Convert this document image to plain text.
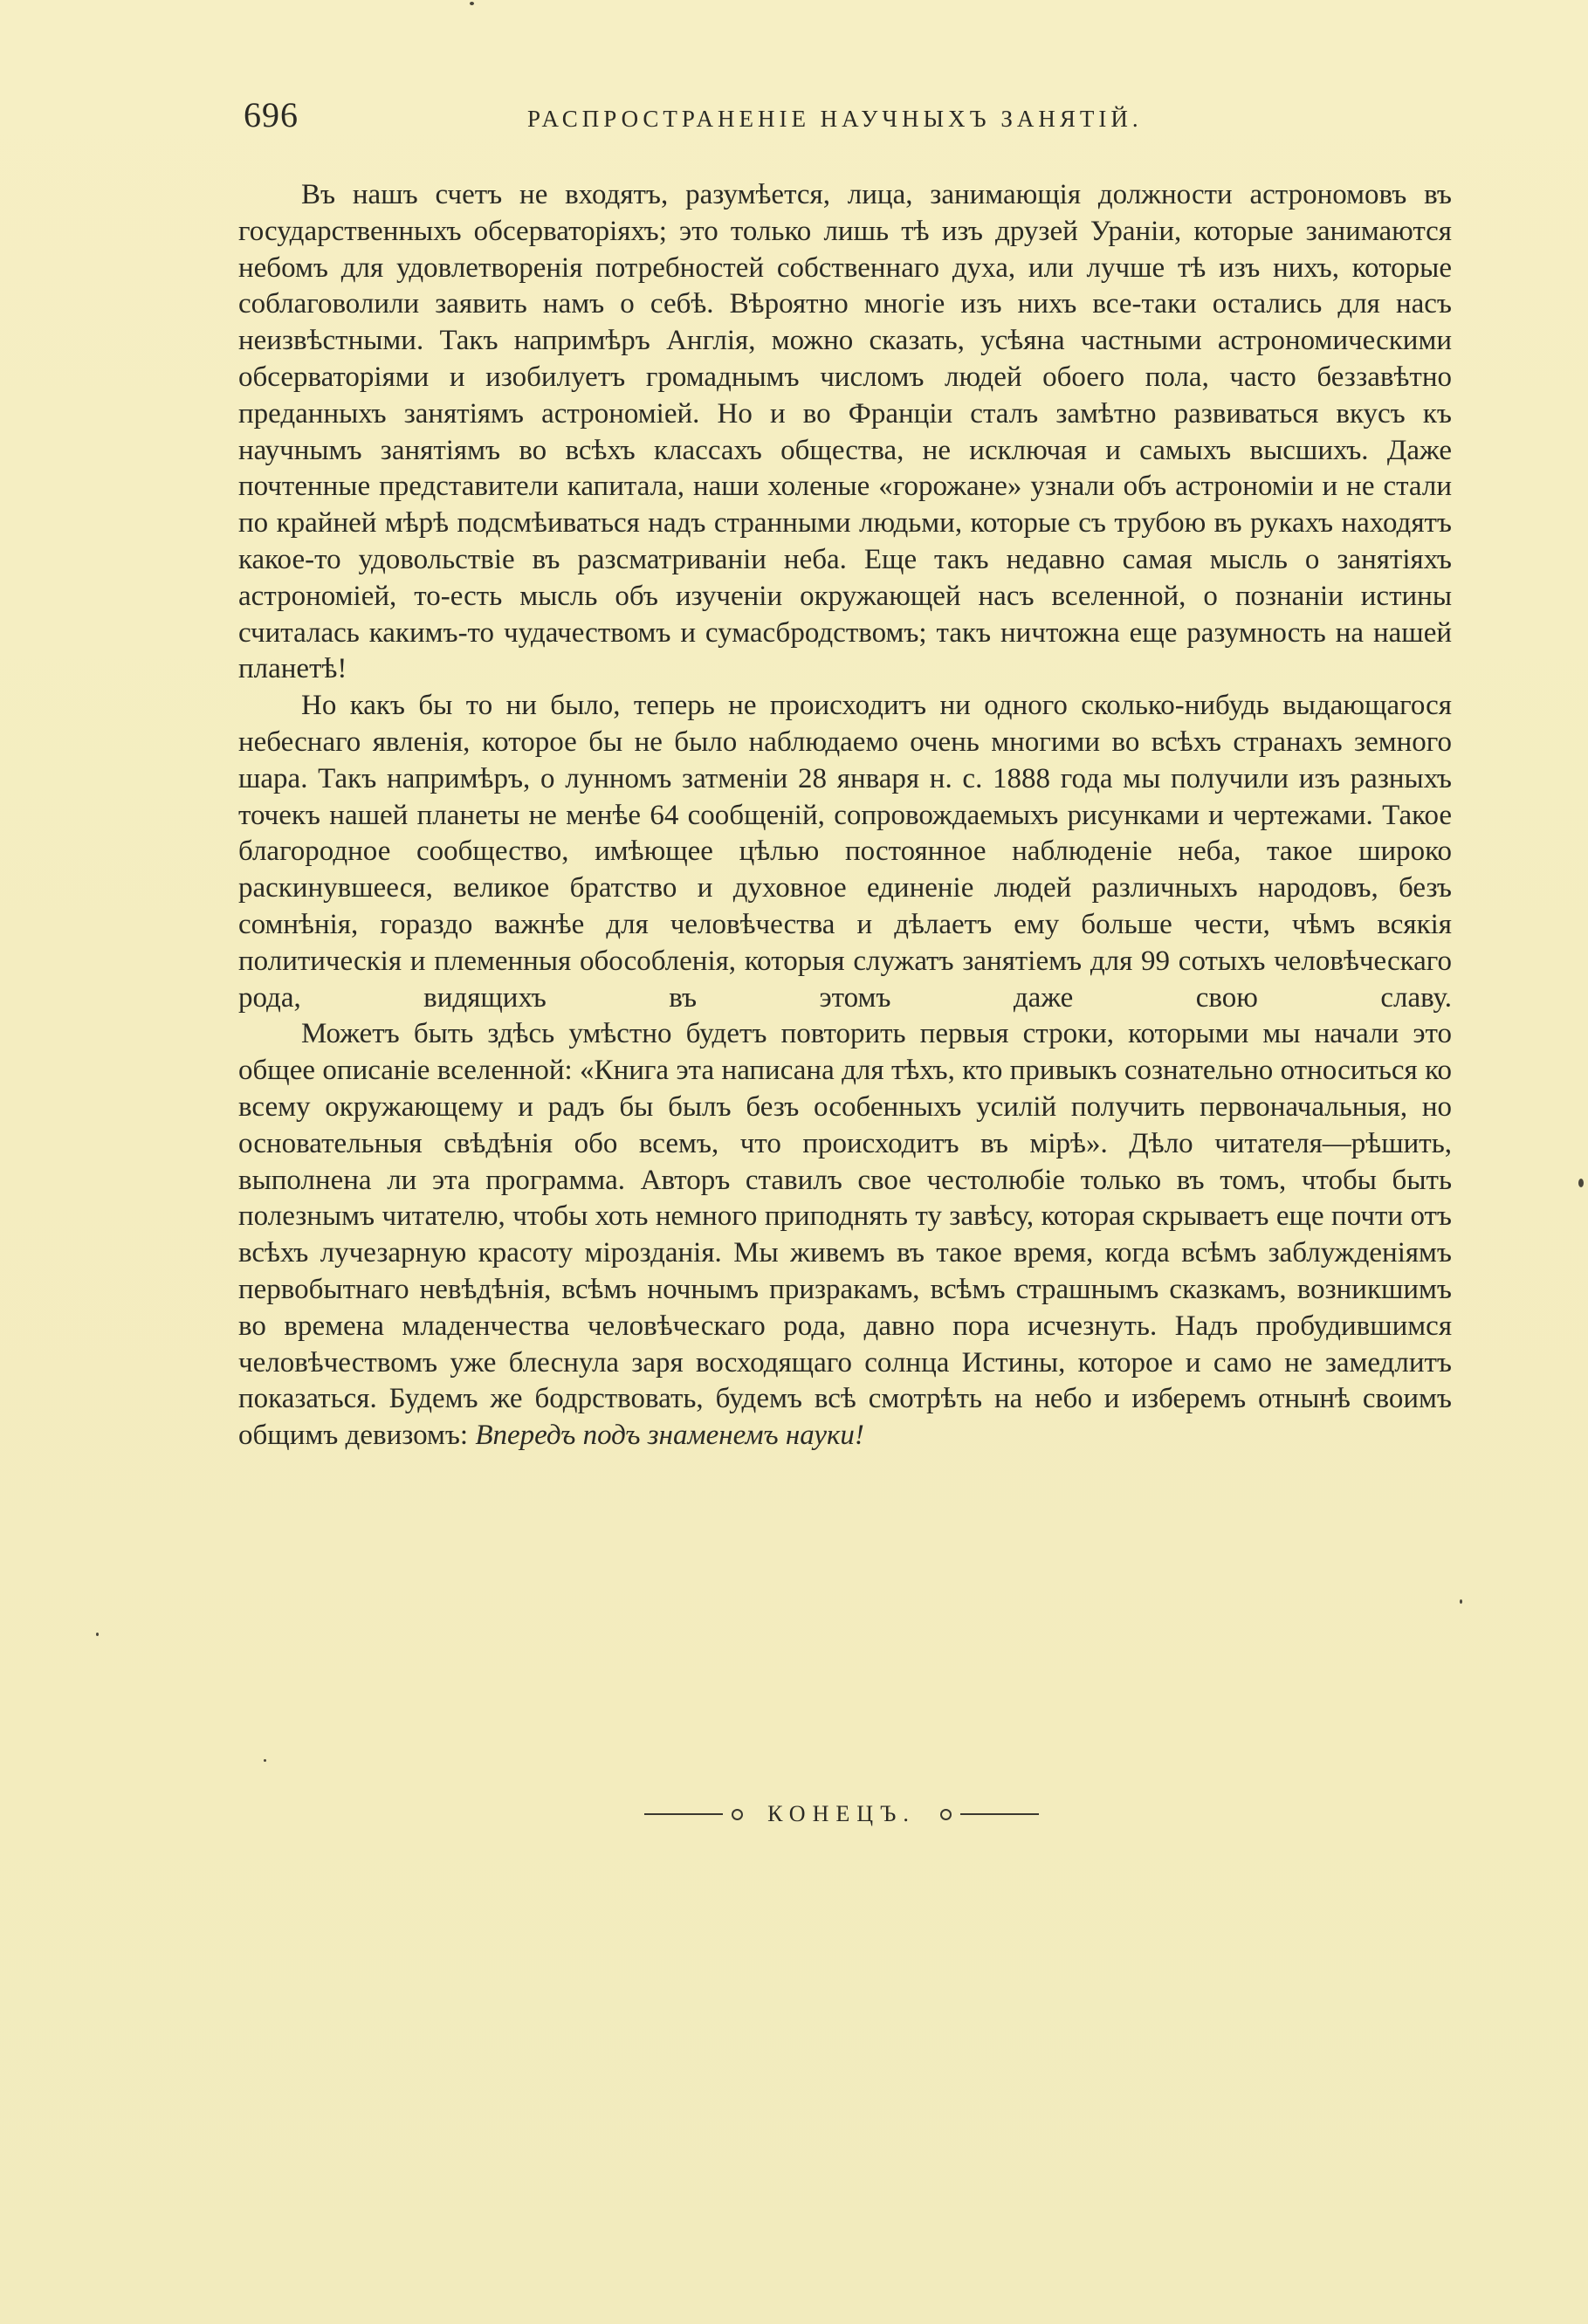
696	РАСПРОСТРАНЕНІЕ НАУЧНЫХЪ ЗАНЯТІЙ.

Въ нашъ счетъ не входятъ, разумѣется, лица, занимающія должности астрономовъ въ государственныхъ обсерваторіяхъ; это только лишь тѣ изъ друзей Ураніи, которые занимаются небомъ для удовлетворенія потребностей собственнаго духа, или лучше тѣ изъ нихъ, которые соблаговолили заявить намъ о себѣ. Вѣроятно многіе изъ нихъ все-таки остались для насъ неизвѣстными. Такъ напримѣръ Англія, можно сказать, усѣяна частными астрономическими обсерваторіями и изобилуетъ громаднымъ числомъ людей обоего пола, часто беззавѣтно преданныхъ занятіямъ астрономіей. Но и во Франціи сталъ замѣтно развиваться вкусъ къ научнымъ занятіямъ во всѣхъ классахъ общества, не исключая и самыхъ высшихъ. Даже почтенные представители капитала, наши холеные «горожане» узнали объ астрономіи и не стали по крайней мѣрѣ подсмѣиваться надъ странными людьми, которые съ трубою въ рукахъ находятъ какое-то удовольствіе въ разсматриваніи неба. Еще такъ недавно самая мысль о занятіяхъ астрономіей, то-есть мысль объ изученіи окружающей насъ вселенной, о познаніи истины считалась какимъ-то чудачествомъ и сумасбродствомъ; такъ ничтожна еще разумность на нашей планетѣ!

Но какъ бы то ни было, теперь не происходитъ ни одного сколько-нибудь выдающагося небеснаго явленія, которое бы не было наблюдаемо очень многими во всѣхъ странахъ земного шара. Такъ напримѣръ, о лунномъ затменіи 28 января н. с. 1888 года мы получили изъ разныхъ точекъ нашей планеты не менѣе 64 сообщеній, сопровождаемыхъ рисунками и чертежами. Такое благородное сообщество, имѣющее цѣлью постоянное наблюденіе неба, такое широко раскинувшееся, великое братство и духовное единеніе людей различныхъ народовъ, безъ сомнѣнія, гораздо важнѣе для человѣчества и дѣлаетъ ему больше чести, чѣмъ всякія политическія и племенныя обособленія, которыя служатъ занятіемъ для 99 сотыхъ человѣческаго рода, видящихъ въ этомъ даже свою славу.

Можетъ быть здѣсь умѣстно будетъ повторить первыя строки, которыми мы начали это общее описаніе вселенной: «Книга эта написана для тѣхъ, кто привыкъ сознательно относиться ко всему окружающему и радъ бы былъ безъ особенныхъ усилій получить первоначальныя, но основательныя свѣдѣнія обо всемъ, что происходитъ въ мірѣ». Дѣло читателя—рѣшить, выполнена ли эта программа. Авторъ ставилъ свое честолюбіе только въ томъ, чтобы быть полезнымъ читателю, чтобы хоть немного приподнять ту завѣсу, которая скрываетъ еще почти отъ всѣхъ лучезарную красоту мірозданія. Мы живемъ въ такое время, когда всѣмъ заблужденіямъ первобытнаго невѣдѣнія, всѣмъ ночнымъ призракамъ, всѣмъ страшнымъ сказкамъ, возникшимъ во времена младенчества человѣческаго рода, давно пора исчезнуть. Надъ пробудившимся человѣчествомъ уже блеснула заря восходящаго солнца Истины, которое и само не замедлитъ показаться. Будемъ же бодрствовать, будемъ всѣ смотрѣть на небо и изберемъ отнынѣ своимъ общимъ девизомъ: Впередъ подъ знаменемъ науки!

КОНЕЦЪ.
